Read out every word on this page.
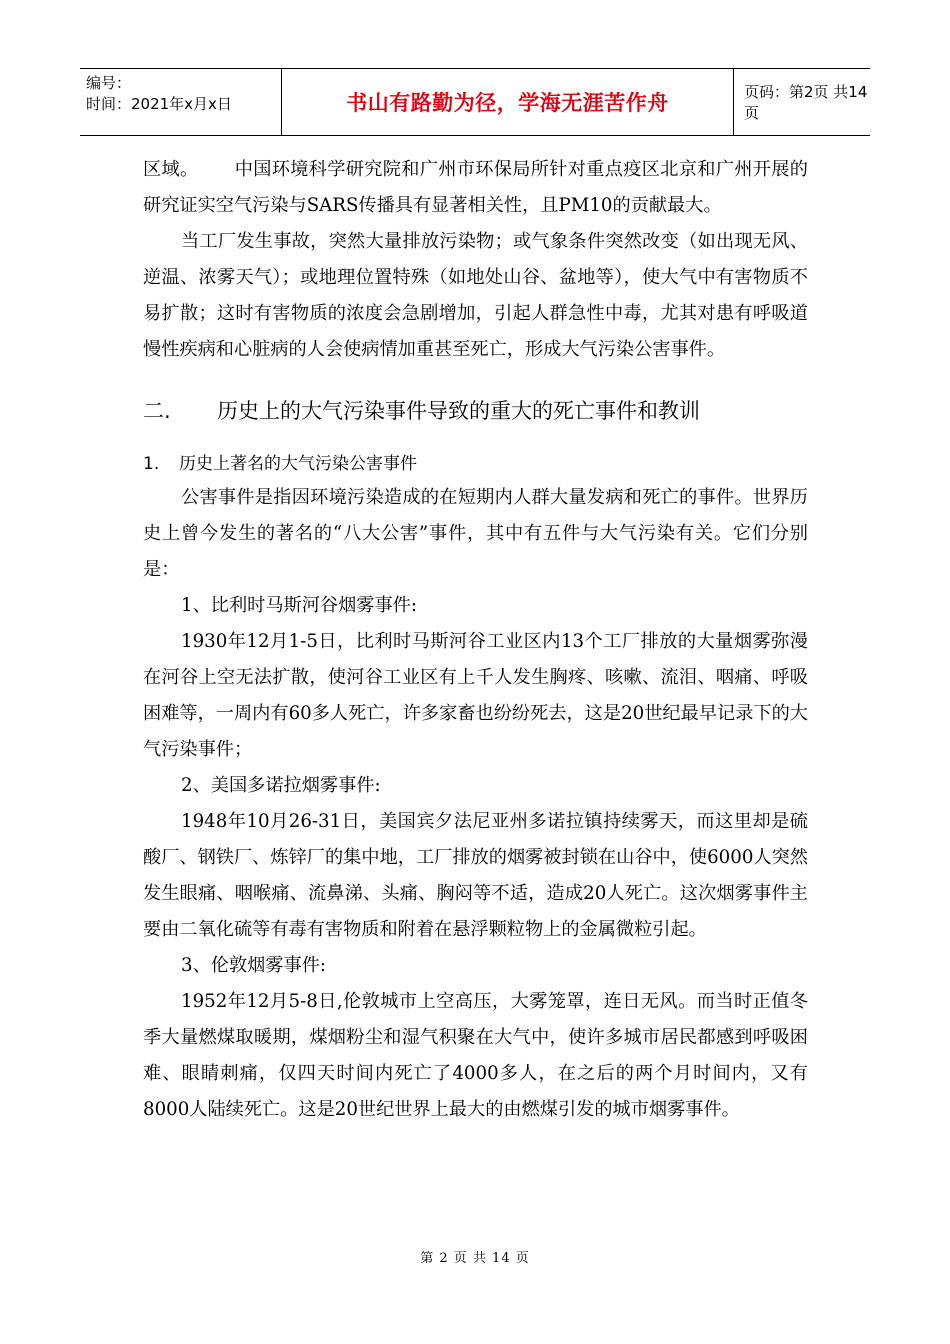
编号：
时间：2021年x月x日	书山有路勤为径，学海无涯苦作舟	页码：第2页 共14页

区域。 中国环境科学研究院和广州市环保局所针对重点疫区北京和广州开展的研究证实空气污染与SARS传播具有显著相关性，且PM10的贡献最大。

当工厂发生事故，突然大量排放污染物；或气象条件突然改变（如出现无风、逆温、浓雾天气）；或地理位置特殊（如地处山谷、盆地等），使大气中有害物质不易扩散；这时有害物质的浓度会急剧增加，引起人群急性中毒，尤其对患有呼吸道慢性疾病和心脏病的人会使病情加重甚至死亡，形成大气污染公害事件。

二. 历史上的大气污染事件导致的重大的死亡事件和教训
1. 历史上著名的大气污染公害事件

公害事件是指因环境污染造成的在短期内人群大量发病和死亡的事件。世界历史上曾今发生的著名的“八大公害”事件，其中有五件与大气污染有关。它们分别是：

1、比利时马斯河谷烟雾事件:

1930年12月1-5日，比利时马斯河谷工业区内13个工厂排放的大量烟雾弥漫在河谷上空无法扩散，使河谷工业区有上千人发生胸疼、咳嗽、流泪、咽痛、呼吸困难等，一周内有60多人死亡，许多家畜也纷纷死去，这是20世纪最早记录下的大气污染事件；

2、美国多诺拉烟雾事件:

1948年10月26-31日，美国宾夕法尼亚州多诺拉镇持续雾天，而这里却是硫酸厂、钢铁厂、炼锌厂的集中地，工厂排放的烟雾被封锁在山谷中，使6000人突然发生眼痛、咽喉痛、流鼻涕、头痛、胸闷等不适，造成20人死亡。这次烟雾事件主要由二氧化硫等有毒有害物质和附着在悬浮颗粒物上的金属微粒引起。

3、伦敦烟雾事件:

1952年12月5-8日,伦敦城市上空高压，大雾笼罩，连日无风。而当时正值冬季大量燃煤取暖期，煤烟粉尘和湿气积聚在大气中，使许多城市居民都感到呼吸困难、眼睛刺痛，仅四天时间内死亡了4000多人，在之后的两个月时间内，又有8000人陆续死亡。这是20世纪世界上最大的由燃煤引发的城市烟雾事件。

第 2 页 共 14 页
